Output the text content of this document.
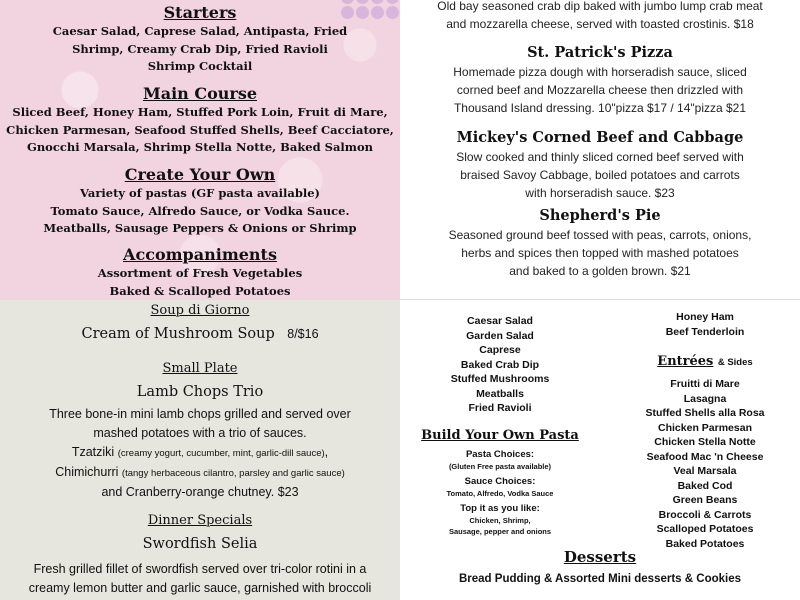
Starters
Caesar Salad, Caprese Salad, Antipasta, Fried
Shrimp, Creamy Crab Dip, Fried Ravioli
Shrimp Cocktail
Main Course
Sliced Beef, Honey Ham, Stuffed Pork Loin, Fruit di Mare,
Chicken Parmesan, Seafood Stuffed Shells, Beef Cacciatore,
Gnocchi Marsala, Shrimp Stella Notte, Baked Salmon
Create Your Own
Variety of pastas (GF pasta available)
Tomato Sauce, Alfredo Sauce, or Vodka Sauce.
Meatballs, Sausage Peppers & Onions or Shrimp
Accompaniments
Assortment of Fresh Vegetables
Baked & Scalloped Potatoes
Old bay seasoned crab dip baked with jumbo lump crab meat
and mozzarella cheese, served with toasted crostinis. $18
St. Patrick's Pizza
Homemade pizza dough with horseradish sauce, sliced
corned beef and Mozzarella cheese then drizzled with
Thousand Island dressing. 10"pizza $17 / 14"pizza $21
Mickey's Corned Beef and Cabbage
Slow cooked and thinly sliced corned beef served with
braised Savoy Cabbage, boiled potatoes and carrots
with horseradish sauce. $23
Shepherd's Pie
Seasoned ground beef tossed with peas, carrots, onions,
herbs and spices then topped with mashed potatoes
and baked to a golden brown. $21
Soup di Giorno
Cream of Mushroom Soup 8/$16
Small Plate
Lamb Chops Trio
Three bone-in mini lamb chops grilled and served over
mashed potatoes with a trio of sauces.
Tzatziki (creamy yogurt, cucumber, mint, garlic-dill sauce),
Chimichurri (tangy herbaceous cilantro, parsley and garlic sauce)
and Cranberry-orange chutney. $23
Dinner Specials
Swordfish Selia
Fresh grilled fillet of swordfish served over tri-color rotini in a
creamy lemon butter and garlic sauce, garnished with broccoli
Caesar Salad
Garden Salad
Caprese
Baked Crab Dip
Stuffed Mushrooms
Meatballs
Fried Ravioli
Build Your Own Pasta
Pasta Choices:
(Gluten Free pasta available)
Sauce Choices:
Tomato, Alfredo, Vodka Sauce
Top it as you like:
Chicken, Shrimp,
Sausage, pepper and onions
Honey Ham
Beef Tenderloin
Entrées & Sides
Fruitti di Mare
Lasagna
Stuffed Shells alla Rosa
Chicken Parmesan
Chicken Stella Notte
Seafood Mac 'n Cheese
Veal Marsala
Baked Cod
Green Beans
Broccoli & Carrots
Scalloped Potatoes
Baked Potatoes
Desserts
Bread Pudding & Assorted Mini desserts & Cookies
